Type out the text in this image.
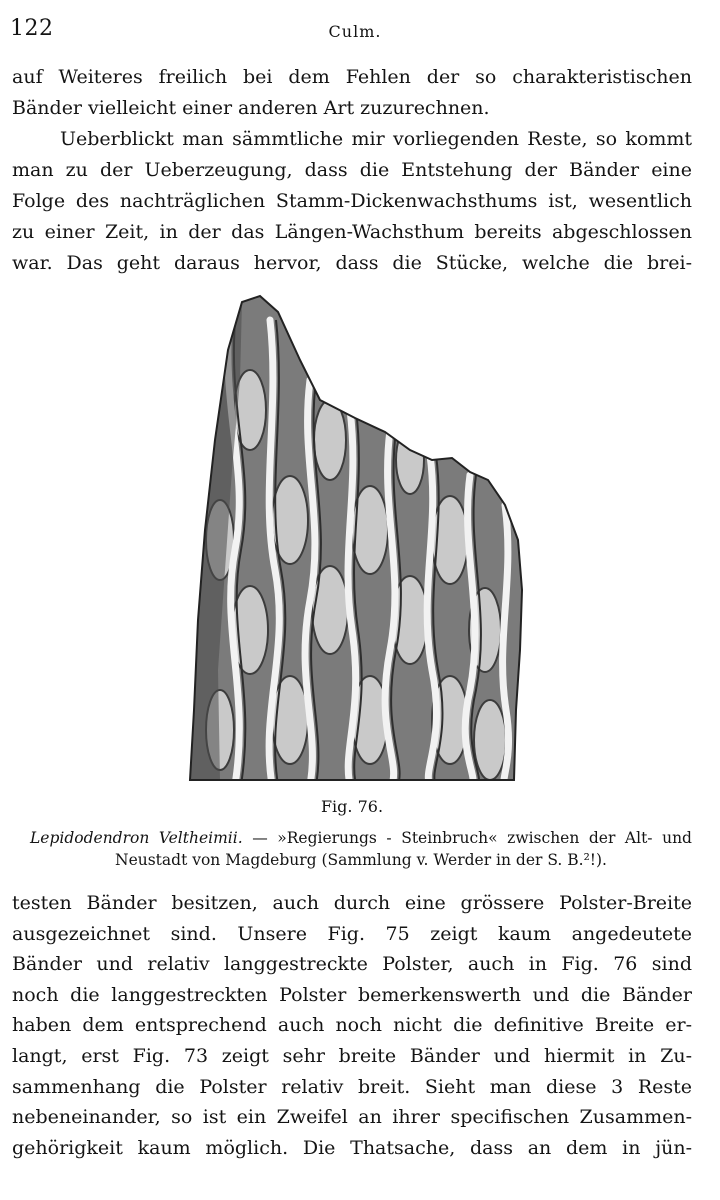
122	Culm.
auf Weiteres freilich bei dem Fehlen der so charakteristischen
Bänder vielleicht einer anderen Art zuzurechnen.
Ueberblickt man sämmtliche mir vorliegenden Reste, so kommt
man zu der Ueberzeugung, dass die Entstehung der Bänder eine
Folge des nachträglichen Stamm-Dickenwachsthums ist, wesentlich
zu einer Zeit, in der das Längen-Wachsthum bereits abgeschlossen
war. Das geht daraus hervor, dass die Stücke, welche die brei-
Fig. 76.
Lepidodendron Veltheimii. — »Regierungs - Steinbruch« zwischen der Alt- und
Neustadt von Magdeburg (Sammlung v. Werder in der S. B.²!).
testen Bänder besitzen, auch durch eine grössere Polster-Breite
ausgezeichnet sind. Unsere Fig. 75 zeigt kaum angedeutete
Bänder und relativ langgestreckte Polster, auch in Fig. 76 sind
noch die langgestreckten Polster bemerkenswerth und die Bänder
haben dem entsprechend auch noch nicht die definitive Breite er-
langt, erst Fig. 73 zeigt sehr breite Bänder und hiermit in Zu-
sammenhang die Polster relativ breit. Sieht man diese 3 Reste
nebeneinander, so ist ein Zweifel an ihrer specifischen Zusammen-
gehörigkeit kaum möglich. Die Thatsache, dass an dem in jün-
